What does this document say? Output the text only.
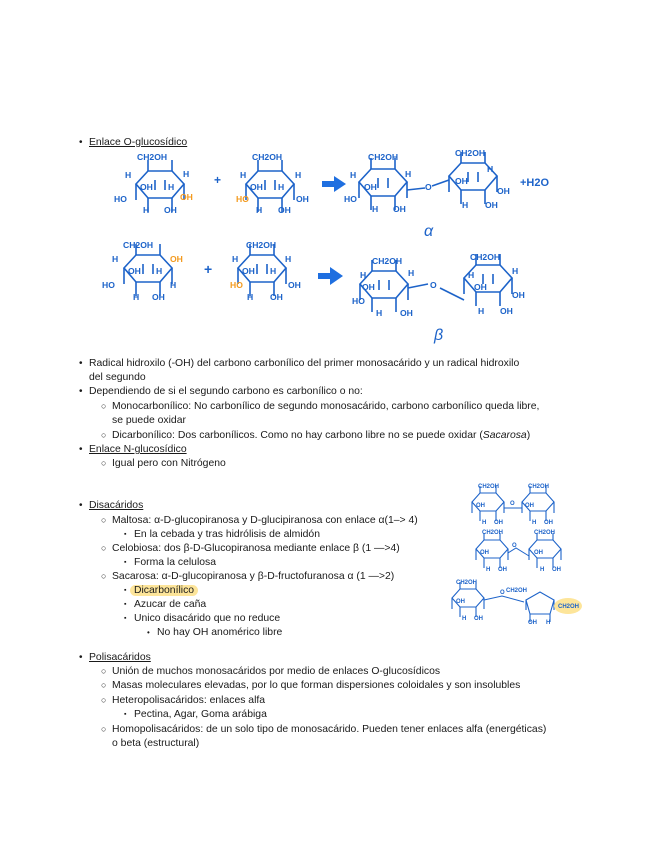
CH2OH
H	H
OH H
HO	OH
H OH
+
CH2OH
H	H
OH H
HO	OH
H OH
CH2OH	CH2OH
H	H
OH
HO
H OH
O
H
OH
OH
H OH
+H2O
α
CH2OH
H	OH
OH H
HO	H
H OH
+
CH2OH
H	H
OH H
HO	OH
H OH
CH2OH	CH2OH
H	H
OH
HO
H OH
O
H	H
OH
OH
H OH
β
CH2OH	CH2OH
OH	OH
O
H OH	H OH
CH2OH	CH2OH
OH	OH
O
H OH	H OH
CH2OH
CH2OH
OH
O
H OH
OH H
CH2OH
• Enlace O-glucosídico
• Radical hidroxilo (-OH) del carbono carbonílico del primer monosacárido y un radical hidroxilo
del segundo
• Dependiendo de si el segundo carbono es carbonílico o no:
○ Monocarbonílico: No carbonílico de segundo monosacárido, carbono carbonílico queda libre,
se puede oxidar
○ Dicarbonílico: Dos carbonílicos. Como no hay carbono libre no se puede oxidar (Sacarosa)
• Enlace N-glucosídico
○ Igual pero con Nitrógeno
• Disacáridos
○ Maltosa: α-D-glucopiranosa y D-glucipiranosa con enlace α(1–> 4)
▪ En la cebada y tras hidrólisis de almidón
○ Celobiosa: dos β-D-Glucopiranosa mediante enlace β (1 —>4)
▪ Forma la celulosa
○ Sacarosa: α-D-glucopiranosa y β-D-fructofuranosa α (1 —>2)
▪ Dicarbonílico
▪ Azucar de caña
▪ Unico disacárido que no reduce
• No hay OH anomérico libre
• Polisacáridos
○ Unión de muchos monosacáridos por medio de enlaces O-glucosídicos
○ Masas moleculares elevadas, por lo que forman dispersiones coloidales y son insolubles
○ Heteropolisacáridos: enlaces alfa
▪ Pectina, Agar, Goma arábiga
○ Homopolisacáridos: de un solo tipo de monosacárido. Pueden tener enlaces alfa (energéticas)
o beta (estructural)
